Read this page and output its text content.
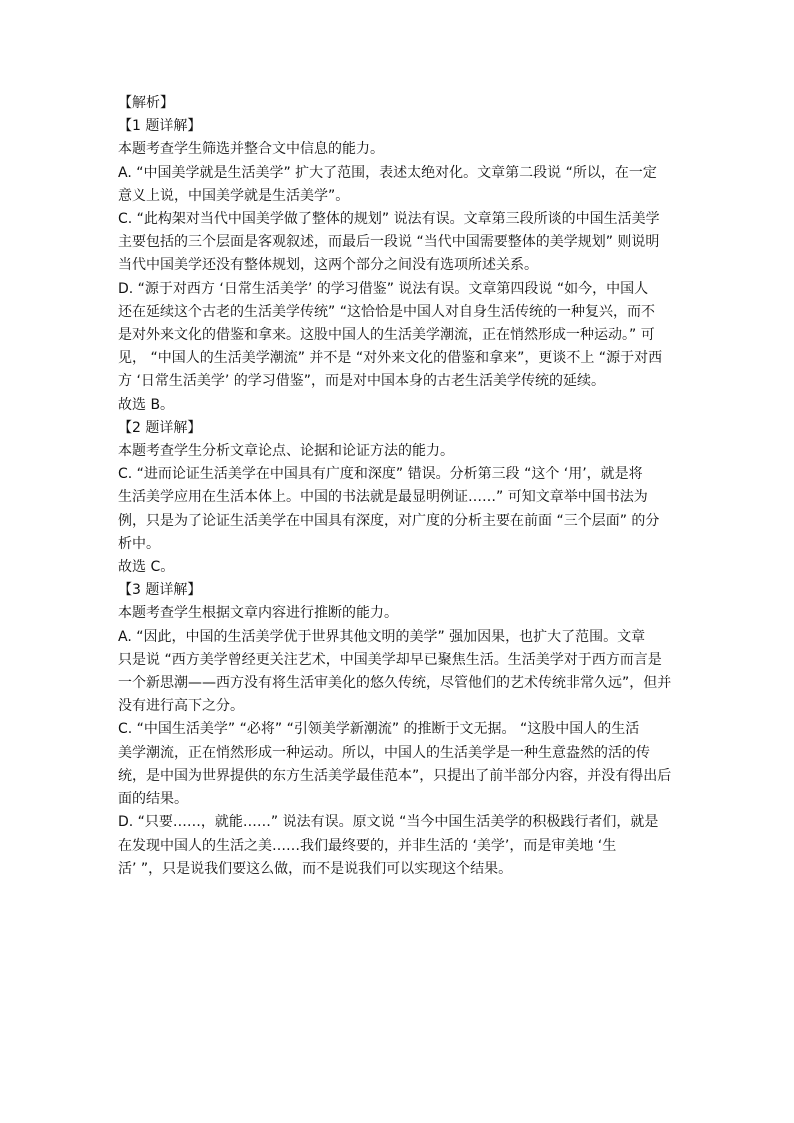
【解析】
【1 题详解】
本题考查学生筛选并整合文中信息的能力。
A. “中国美学就是生活美学” 扩大了范围，表述太绝对化。文章第二段说 “所以，在一定
意义上说，中国美学就是生活美学”。
C. “此构架对当代中国美学做了整体的规划” 说法有误。文章第三段所谈的中国生活美学
主要包括的三个层面是客观叙述，而最后一段说 “当代中国需要整体的美学规划” 则说明
当代中国美学还没有整体规划，这两个部分之间没有选项所述关系。
D. “源于对西方 ‘日常生活美学’ 的学习借鉴” 说法有误。文章第四段说 “如今，中国人
还在延续这个古老的生活美学传统” “这恰恰是中国人对自身生活传统的一种复兴，而不
是对外来文化的借鉴和拿来。这股中国人的生活美学潮流，正在悄然形成一种运动。” 可
见， “中国人的生活美学潮流” 并不是 “对外来文化的借鉴和拿来”，更谈不上 “源于对西
方 ‘日常生活美学’ 的学习借鉴”，而是对中国本身的古老生活美学传统的延续。
故选 B。
【2 题详解】
本题考查学生分析文章论点、论据和论证方法的能力。
C. “进而论证生活美学在中国具有广度和深度” 错误。分析第三段 “这个 ‘用’，就是将
生活美学应用在生活本体上。中国的书法就是最显明例证……” 可知文章举中国书法为
例，只是为了论证生活美学在中国具有深度，对广度的分析主要在前面 “三个层面” 的分
析中。
故选 C。
【3 题详解】
本题考查学生根据文章内容进行推断的能力。
A. “因此，中国的生活美学优于世界其他文明的美学” 强加因果，也扩大了范围。文章
只是说 “西方美学曾经更关注艺术，中国美学却早已聚焦生活。生活美学对于西方而言是
一个新思潮——西方没有将生活审美化的悠久传统，尽管他们的艺术传统非常久远”，但并
没有进行高下之分。
C. “中国生活美学” “必将” “引领美学新潮流” 的推断于文无据。 “这股中国人的生活
美学潮流，正在悄然形成一种运动。所以，中国人的生活美学是一种生意盎然的活的传
统，是中国为世界提供的东方生活美学最佳范本”，只提出了前半部分内容，并没有得出后
面的结果。
D. “只要……，就能……” 说法有误。原文说 “当今中国生活美学的积极践行者们，就是
在发现中国人的生活之美……我们最终要的，并非生活的 ‘美学’，而是审美地 ‘生
活’ ”，只是说我们要这么做，而不是说我们可以实现这个结果。
